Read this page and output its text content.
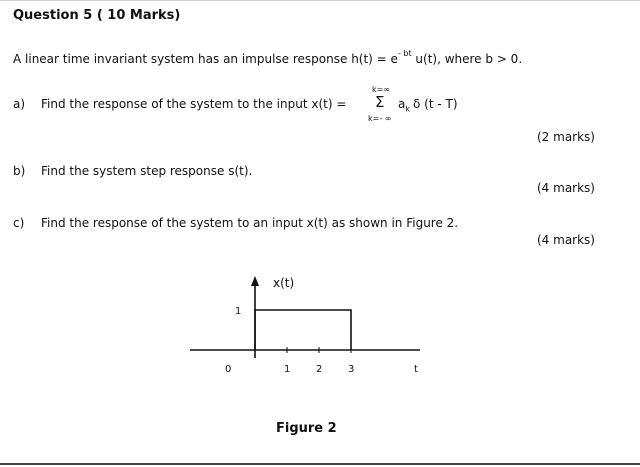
Question 5 ( 10 Marks)
A linear time invariant system has an impulse response $h(t) = e^{- bt}$ u(t), where b > 0.
a) Find the response of the system to the input x(t) =
k=∞
Σ
k=- ∞
$a_k$ δ (t - T)
(2 marks)
b) Find the system step response s(t).
(4 marks)
c) Find the response of the system to an input x(t) as shown in Figure 2.
(4 marks)
0	1	2	3
x(t)
1
t
Figure 2
